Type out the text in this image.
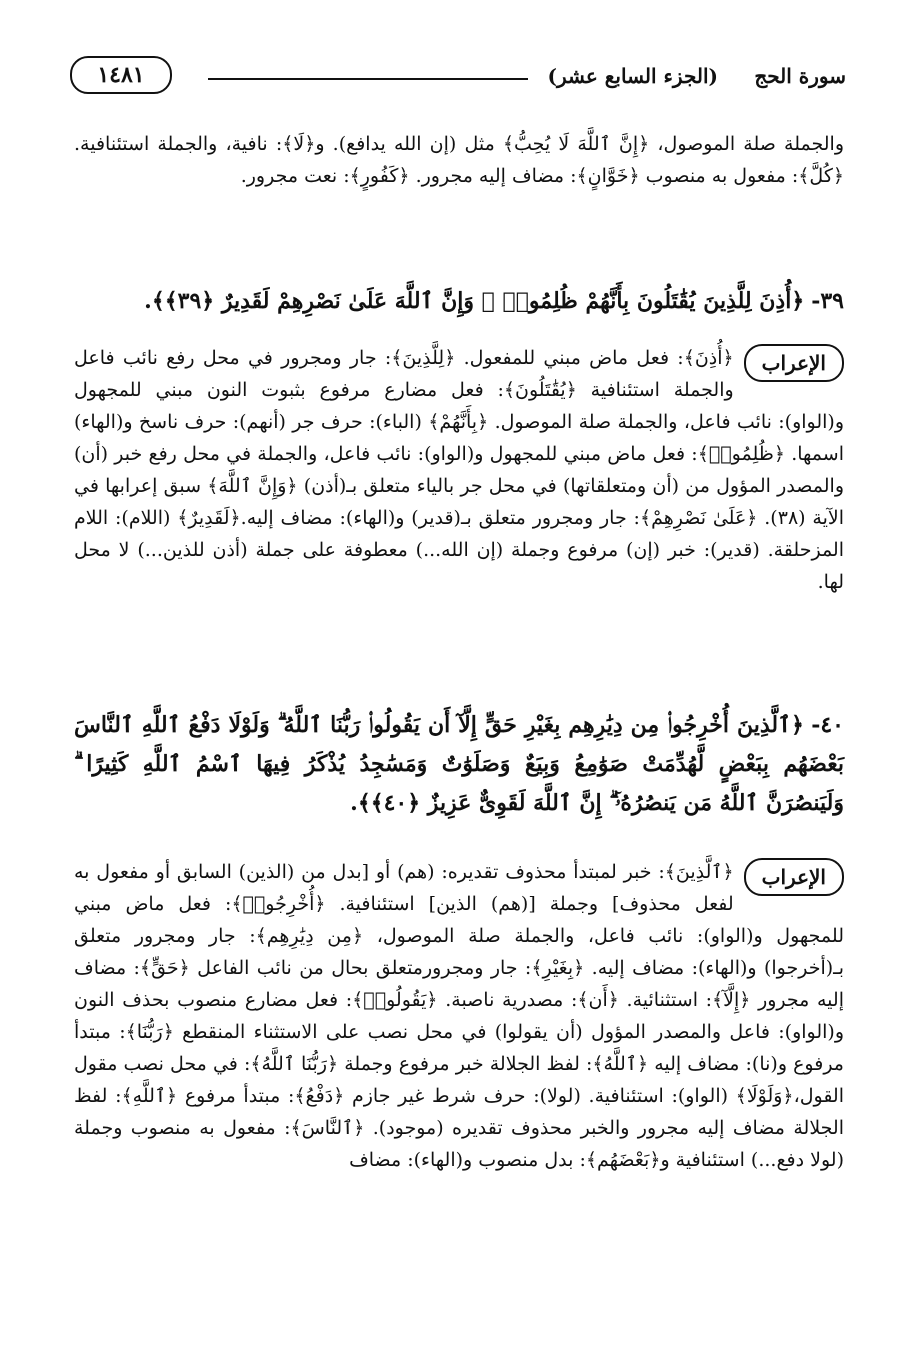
سورة الحج
(الجزء السابع عشر)
١٤٨١

والجملة صلة الموصول، ﴿إِنَّ ٱللَّهَ لَا يُحِبُّ﴾ مثل (إن الله يدافع). و﴿لَا﴾: نافية، والجملة استئنافية. ﴿كُلَّ﴾: مفعول به منصوب ﴿خَوَّانٍ﴾: مضاف إليه مجرور. ﴿كَفُورٍ﴾: نعت مجرور.

٣٩- ﴿أُذِنَ لِلَّذِينَ يُقَٰتَلُونَ بِأَنَّهُمْ ظُلِمُوا۟ ۚ وَإِنَّ ٱللَّهَ عَلَىٰ نَصْرِهِمْ لَقَدِيرٌ ﴿٣٩﴾﴾.

الإعراب
﴿أُذِنَ﴾: فعل ماض مبني للمفعول. ﴿لِلَّذِينَ﴾: جار ومجرور في محل رفع نائب فاعل والجملة استئنافية ﴿يُقَٰتَلُونَ﴾: فعل مضارع مرفوع بثبوت النون مبني للمجهول و(الواو): نائب فاعل، والجملة صلة الموصول. ﴿بِأَنَّهُمْ﴾ (الباء): حرف جر (أنهم): حرف ناسخ و(الهاء) اسمها. ﴿ظُلِمُوا۟﴾: فعل ماض مبني للمجهول و(الواو): نائب فاعل، والجملة في محل رفع خبر (أن) والمصدر المؤول من (أن ومتعلقاتها) في محل جر بالياء متعلق بـ(أذن) ﴿وَإِنَّ ٱللَّهَ﴾ سبق إعرابها في الآية (٣٨). ﴿عَلَىٰ نَصْرِهِمْ﴾: جار ومجرور متعلق بـ(قدير) و(الهاء): مضاف إليه.﴿لَقَدِيرٌ﴾ (اللام): اللام المزحلقة. (قدير): خبر (إن) مرفوع وجملة (إن الله...) معطوفة على جملة (أذن للذين...) لا محل لها.

٤٠- ﴿ٱلَّذِينَ أُخْرِجُوا۟ مِن دِيَٰرِهِم بِغَيْرِ حَقٍّ إِلَّآ أَن يَقُولُوا۟ رَبُّنَا ٱللَّهُ ۗ وَلَوْلَا دَفْعُ ٱللَّهِ ٱلنَّاسَ بَعْضَهُم بِبَعْضٍ لَّهُدِّمَتْ صَوَٰمِعُ وَبِيَعٌ وَصَلَوَٰتٌ وَمَسَٰجِدُ يُذْكَرُ فِيهَا ٱسْمُ ٱللَّهِ كَثِيرًا ۗ وَلَيَنصُرَنَّ ٱللَّهُ مَن يَنصُرُهُۥٓ ۗ إِنَّ ٱللَّهَ لَقَوِىٌّ عَزِيزٌ ﴿٤٠﴾﴾.

الإعراب
﴿ٱلَّذِينَ﴾: خبر لمبتدأ محذوف تقديره: (هم) أو [بدل من (الذين) السابق أو مفعول به لفعل محذوف] وجملة [(هم) الذين] استئنافية. ﴿أُخْرِجُوا۟﴾: فعل ماض مبني للمجهول و(الواو): نائب فاعل، والجملة صلة الموصول، ﴿مِن دِيَٰرِهِم﴾: جار ومجرور متعلق بـ(أخرجوا) و(الهاء): مضاف إليه. ﴿بِغَيْرِ﴾: جار ومجرورمتعلق بحال من نائب الفاعل ﴿حَقٍّ﴾: مضاف إليه مجرور ﴿إِلَّآ﴾: استثنائية. ﴿أَن﴾: مصدرية ناصبة. ﴿يَقُولُوا۟﴾: فعل مضارع منصوب بحذف النون و(الواو): فاعل والمصدر المؤول (أن يقولوا) في محل نصب على الاستثناء المنقطع ﴿رَبُّنَا﴾: مبتدأ مرفوع و(نا): مضاف إليه ﴿ٱللَّهُ﴾: لفظ الجلالة خبر مرفوع وجملة ﴿رَبُّنَا ٱللَّهُ﴾: في محل نصب مقول القول،﴿وَلَوْلَا﴾ (الواو): استئنافية. (لولا): حرف شرط غير جازم ﴿دَفْعُ﴾: مبتدأ مرفوع ﴿ٱللَّهِ﴾: لفظ الجلالة مضاف إليه مجرور والخبر محذوف تقديره (موجود). ﴿ٱلنَّاسَ﴾: مفعول به منصوب وجملة (لولا دفع...) استئنافية و﴿بَعْضَهُم﴾: بدل منصوب و(الهاء): مضاف
